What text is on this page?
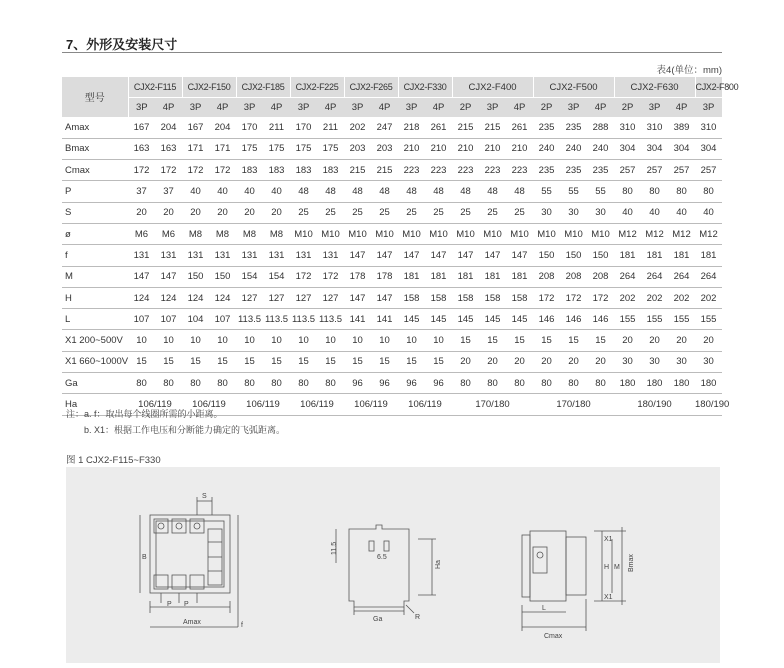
7、外形及安装尺寸
表4(单位：mm)
型号	CJX2-F115		CJX2-F150		CJX2-F185		CJX2-F225		CJX2-F265		CJX2-F330		CJX2-F400			CJX2-F500			CJX2-F630			CJX2-F800
	3P	4P	3P	4P	3P	4P	3P	4P	3P	4P	3P	4P	2P	3P	4P	2P	3P	4P	2P	3P	4P	3P
Amax	167	204	167	204	170	211	170	211	202	247	218	261	215	215	261	235	235	288	310	310	389	310
Bmax	163	163	171	171	175	175	175	175	203	203	210	210	210	210	210	240	240	240	304	304	304	304
Cmax	172	172	172	172	183	183	183	183	215	215	223	223	223	223	223	235	235	235	257	257	257	257
P	37	37	40	40	40	40	48	48	48	48	48	48	48	48	48	55	55	55	80	80	80	80
S	20	20	20	20	20	20	25	25	25	25	25	25	25	25	25	30	30	30	40	40	40	40
ø	M6	M6	M8	M8	M8	M8	M10	M10	M10	M10	M10	M10	M10	M10	M10	M10	M10	M10	M12	M12	M12	M12
f	131	131	131	131	131	131	131	131	147	147	147	147	147	147	147	150	150	150	181	181	181	181
M	147	147	150	150	154	154	172	172	178	178	181	181	181	181	181	208	208	208	264	264	264	264
H	124	124	124	124	127	127	127	127	147	147	158	158	158	158	158	172	172	172	202	202	202	202
L	107	107	104	107	113.5	113.5	113.5	113.5	141	141	145	145	145	145	145	146	146	146	155	155	155	155
X1 200~500V	10	10	10	10	10	10	10	10	10	10	10	10	15	15	15	15	15	15	20	20	20	20
X1 660~1000V	15	15	15	15	15	15	15	15	15	15	15	15	20	20	20	20	20	20	30	30	30	30
Ga	80	80	80	80	80	80	80	80	96	96	96	96	80	80	80	80	80	80	180	180	180	180
Ha	106/119		106/119		106/119		106/119		106/119		106/119		170/180			170/180			180/190			180/190
注：a. f：取出每个线圈所需的小距离。
b. X1：根据工作电压和分断能力确定的飞弧距离。
图 1 CJX2-F115~F330
S
Amax	f
P P
B
11.5
6.5
Ha
Ga	R
X1
H M Bmax
X1
L
Cmax
